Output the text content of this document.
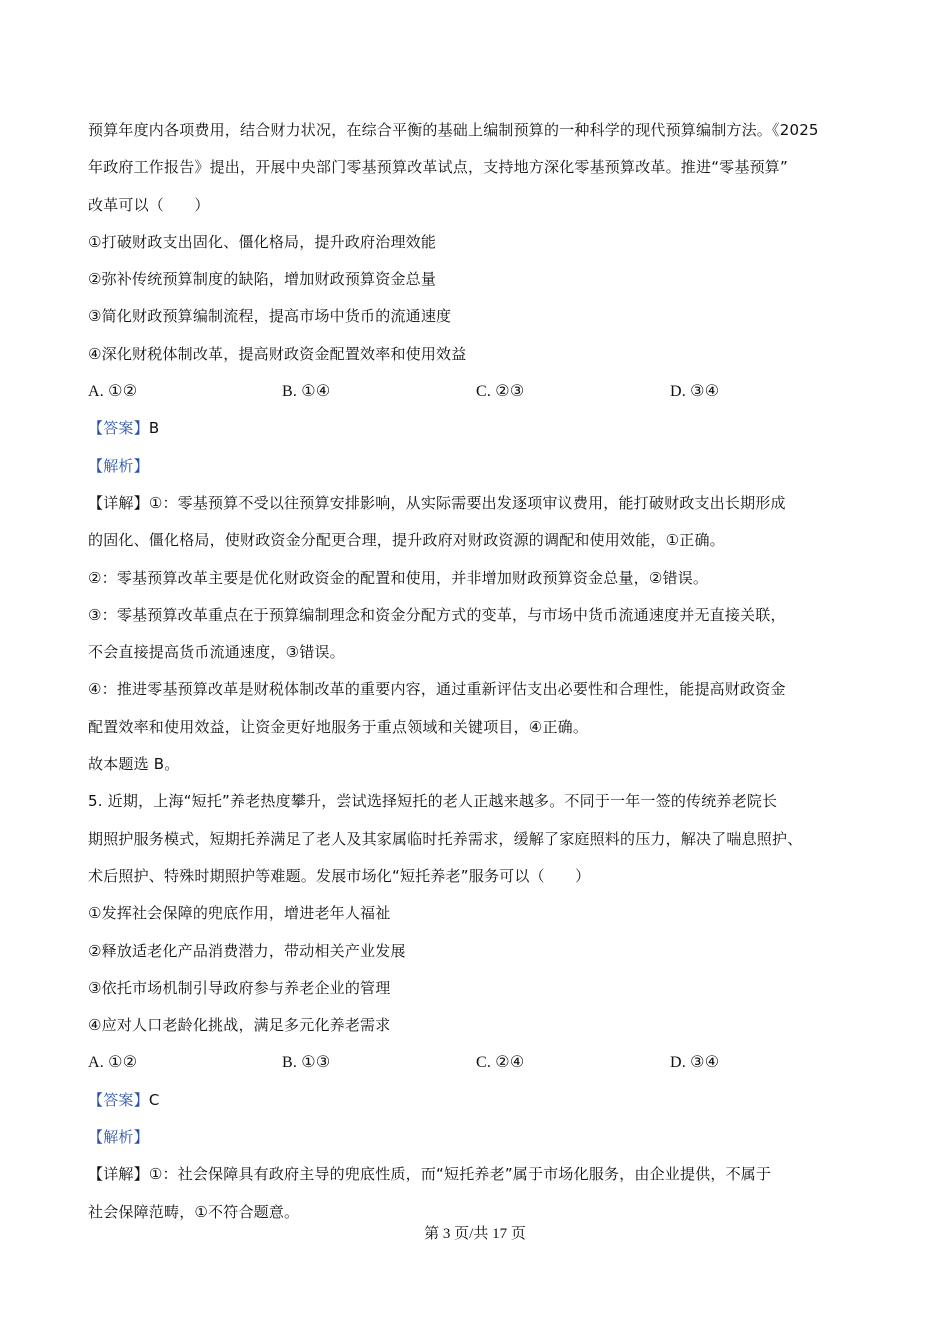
预算年度内各项费用，结合财力状况，在综合平衡的基础上编制预算的一种科学的现代预算编制方法。《2025
年政府工作报告》提出，开展中央部门零基预算改革试点，支持地方深化零基预算改革。推进“零基预算”
改革可以（　　）
①打破财政支出固化、僵化格局，提升政府治理效能
②弥补传统预算制度的缺陷，增加财政预算资金总量
③简化财政预算编制流程，提高市场中货币的流通速度
④深化财税体制改革，提高财政资金配置效率和使用效益
A. ①②	B. ①④	C. ②③	D. ③④
【答案】B
【解析】
【详解】①：零基预算不受以往预算安排影响，从实际需要出发逐项审议费用，能打破财政支出长期形成
的固化、僵化格局，使财政资金分配更合理，提升政府对财政资源的调配和使用效能，①正确。
②：零基预算改革主要是优化财政资金的配置和使用，并非增加财政预算资金总量，②错误。
③：零基预算改革重点在于预算编制理念和资金分配方式的变革，与市场中货币流通速度并无直接关联，
不会直接提高货币流通速度，③错误。
④：推进零基预算改革是财税体制改革的重要内容，通过重新评估支出必要性和合理性，能提高财政资金
配置效率和使用效益，让资金更好地服务于重点领域和关键项目，④正确。
故本题选 B。
5. 近期，上海“短托”养老热度攀升，尝试选择短托的老人正越来越多。不同于一年一签的传统养老院长
期照护服务模式，短期托养满足了老人及其家属临时托养需求，缓解了家庭照料的压力，解决了喘息照护、
术后照护、特殊时期照护等难题。发展市场化“短托养老”服务可以（　　）
①发挥社会保障的兜底作用，增进老年人福祉
②释放适老化产品消费潜力，带动相关产业发展
③依托市场机制引导政府参与养老企业的管理
④应对人口老龄化挑战，满足多元化养老需求
A. ①②	B. ①③	C. ②④	D. ③④
【答案】C
【解析】
【详解】①：社会保障具有政府主导的兜底性质，而“短托养老”属于市场化服务，由企业提供，不属于
社会保障范畴，①不符合题意。
第 3 页/共 17 页
